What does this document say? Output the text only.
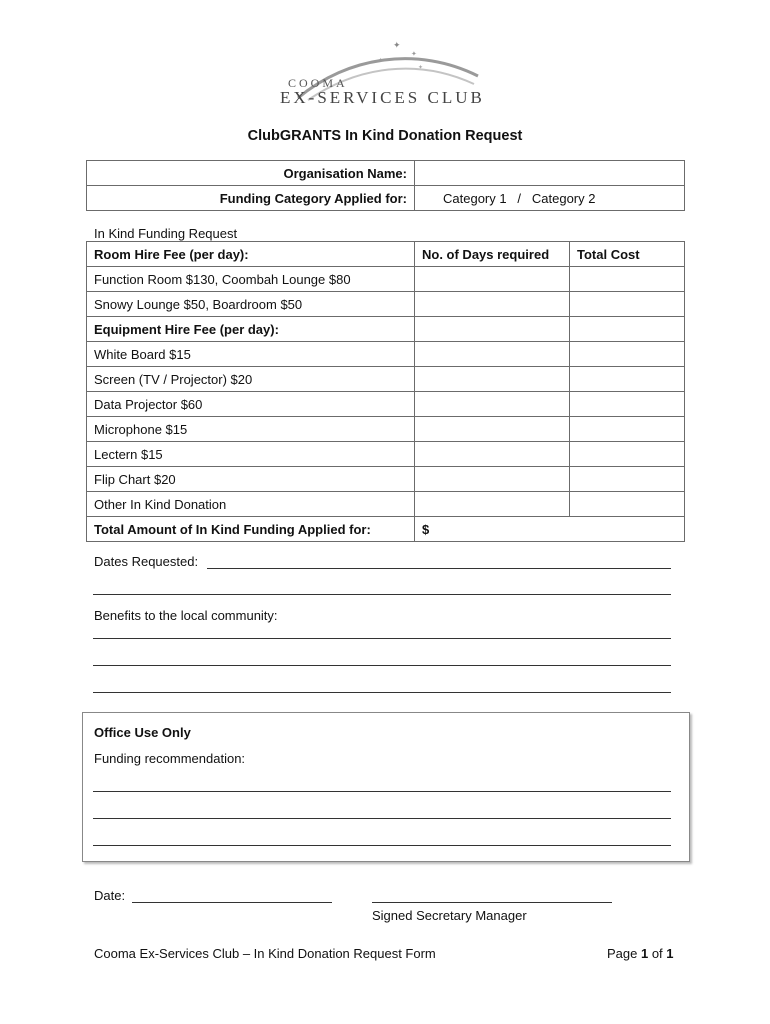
✦
✦
✦
✦
COOMA
EX-SERVICES CLUB
ClubGRANTS In Kind Donation Request
Organisation Name:	
Funding Category Applied for:	Category 1   /   Category 2
In Kind Funding Request
Room Hire Fee (per day):	No. of Days required	Total Cost
Function Room $130, Coombah Lounge $80		
Snowy Lounge $50, Boardroom $50		
Equipment Hire Fee (per day):		
White Board $15		
Screen (TV / Projector) $20		
Data Projector $60		
Microphone $15		
Lectern $15		
Flip Chart $20		
Other In Kind Donation		
Total Amount of In Kind Funding Applied for:	$	
Dates Requested:
Benefits to the local community:
Office Use Only
Funding recommendation:
Date:
Signed Secretary Manager
Cooma Ex-Services Club – In Kind Donation Request Form	Page 1 of 1
